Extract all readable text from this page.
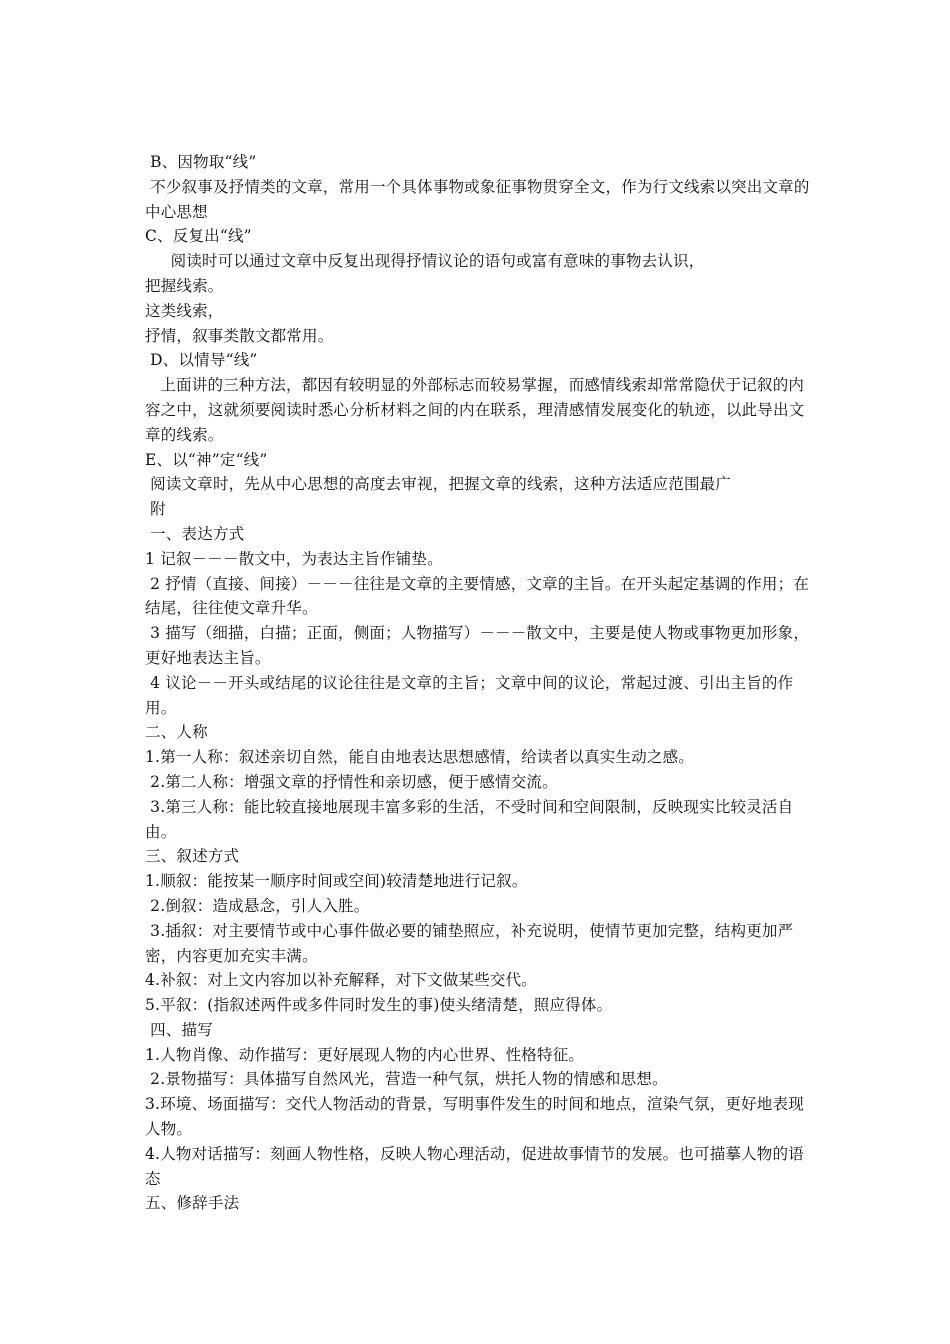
B、因物取“线”

不少叙事及抒情类的文章，常用一个具体事物或象征事物贯穿全文，作为行文线索以突出文章的中心思想

C、反复出“线”

阅读时可以通过文章中反复出现得抒情议论的语句或富有意味的事物去认识，

把握线索。

这类线索，

抒情，叙事类散文都常用。

D、以情导“线”

上面讲的三种方法，都因有较明显的外部标志而较易掌握，而感情线索却常常隐伏于记叙的内容之中，这就须要阅读时悉心分析材料之间的内在联系，理清感情发展变化的轨迹，以此导出文章的线索。

E、以“神”定“线”

阅读文章时，先从中心思想的高度去审视，把握文章的线索，这种方法适应范围最广

附

一、表达方式

1 记叙－－－散文中，为表达主旨作铺垫。

2 抒情（直接、间接）－－－往往是文章的主要情感，文章的主旨。在开头起定基调的作用；在结尾，往往使文章升华。

3 描写（细描，白描；正面，侧面；人物描写）－－－散文中，主要是使人物或事物更加形象，更好地表达主旨。

4 议论－－开头或结尾的议论往往是文章的主旨；文章中间的议论，常起过渡、引出主旨的作用。

二、人称

1.第一人称：叙述亲切自然，能自由地表达思想感情，给读者以真实生动之感。

2.第二人称：增强文章的抒情性和亲切感，便于感情交流。

3.第三人称：能比较直接地展现丰富多彩的生活，不受时间和空间限制，反映现实比较灵活自由。

三、叙述方式

1.顺叙：能按某一顺序时间或空间)较清楚地进行记叙。

2.倒叙：造成悬念，引人入胜。

3.插叙：对主要情节或中心事件做必要的铺垫照应，补充说明，使情节更加完整，结构更加严密，内容更加充实丰满。

4.补叙：对上文内容加以补充解释，对下文做某些交代。

5.平叙：(指叙述两件或多件同时发生的事)使头绪清楚，照应得体。

四、描写

1.人物肖像、动作描写：更好展现人物的内心世界、性格特征。

2.景物描写：具体描写自然风光，营造一种气氛，烘托人物的情感和思想。

3.环境、场面描写：交代人物活动的背景，写明事件发生的时间和地点，渲染气氛，更好地表现人物。

4.人物对话描写：刻画人物性格，反映人物心理活动，促进故事情节的发展。也可描摹人物的语态

五、修辞手法
